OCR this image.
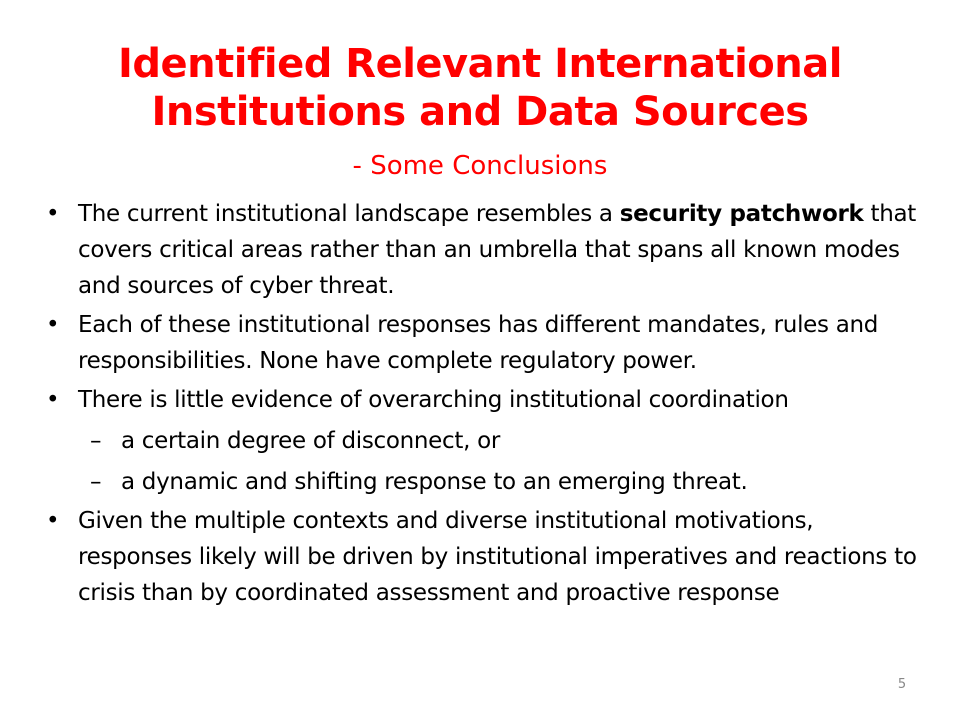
Identified Relevant International Institutions and Data Sources
- Some Conclusions
• The current institutional landscape resembles a security patchwork that covers critical areas rather than an umbrella that spans all known modes and sources of cyber threat.
• Each of these institutional responses has different mandates, rules and responsibilities. None have complete regulatory power.
• There is little evidence of overarching institutional coordination
– a certain degree of disconnect, or
– a dynamic and shifting response to an emerging threat.
• Given the multiple contexts and diverse institutional motivations, responses likely will be driven by institutional imperatives and reactions to crisis than by coordinated assessment and proactive response
5
